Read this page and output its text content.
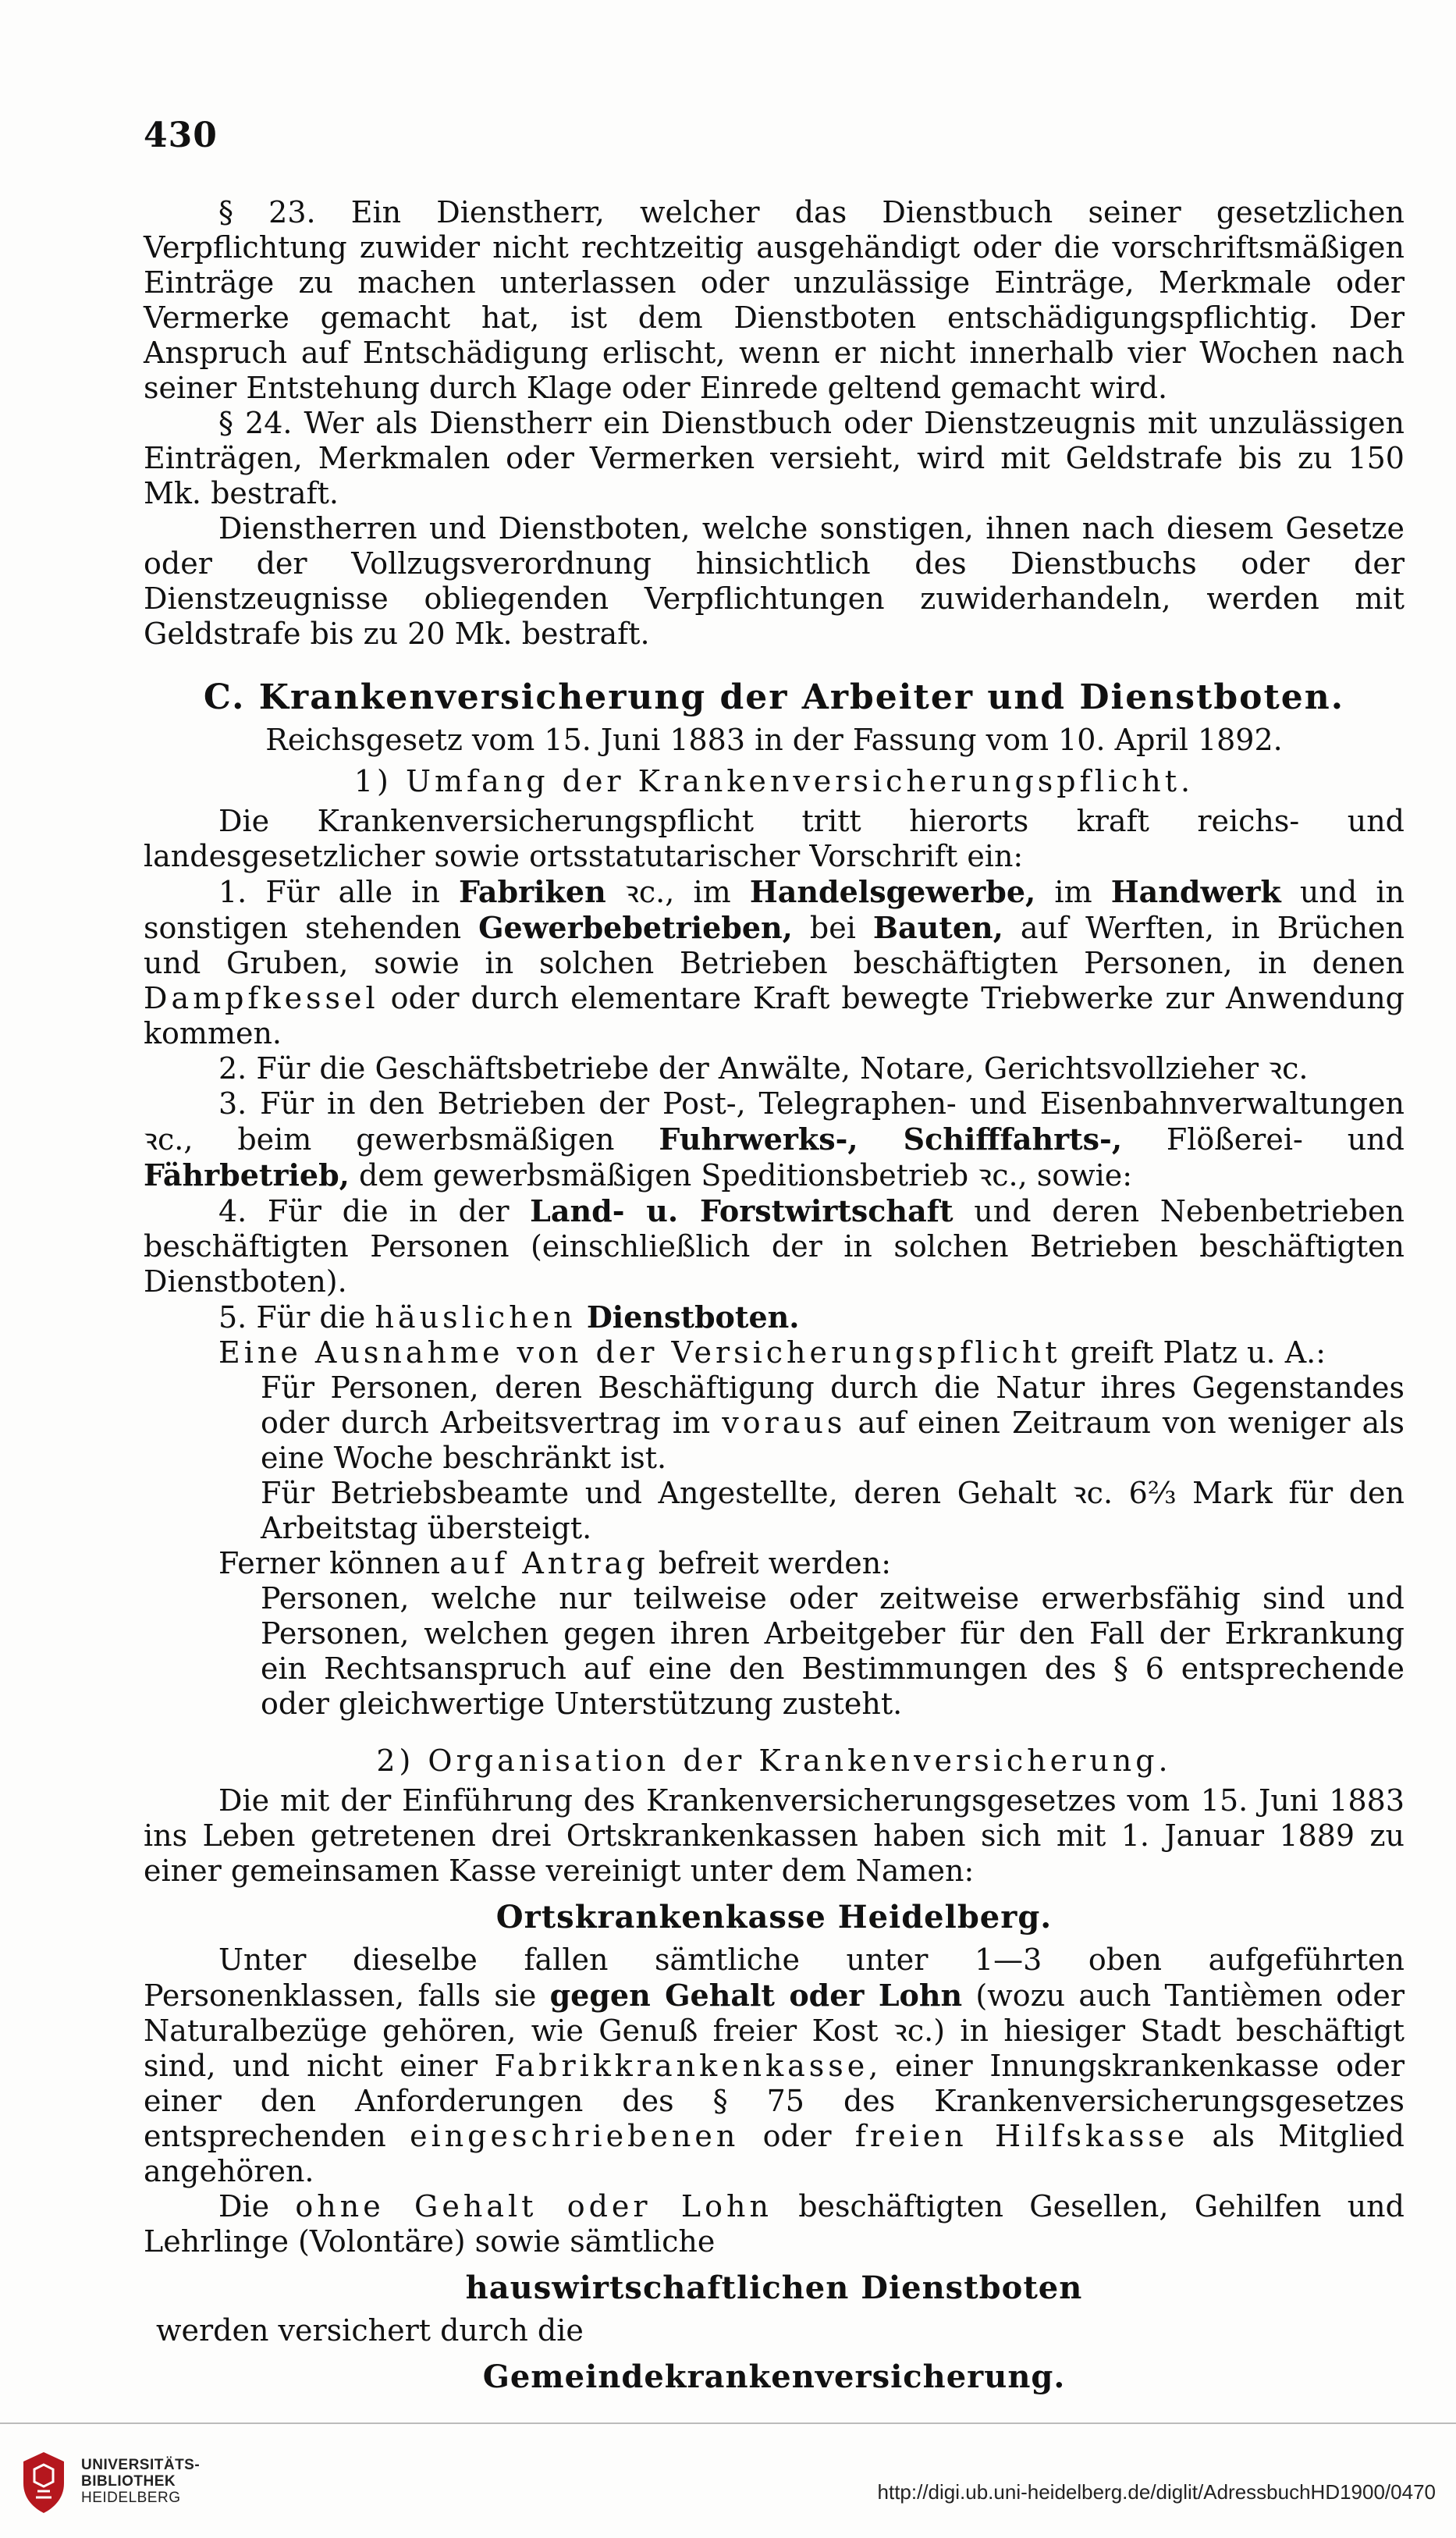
430

§ 23. Ein Dienstherr, welcher das Dienstbuch seiner gesetzlichen Verpflichtung zuwider nicht rechtzeitig ausgehändigt oder die vorschriftsmäßigen Einträge zu machen unterlassen oder unzulässige Einträge, Merkmale oder Vermerke gemacht hat, ist dem Dienstboten entschädigungspflichtig. Der Anspruch auf Entschädigung erlischt, wenn er nicht innerhalb vier Wochen nach seiner Entstehung durch Klage oder Einrede geltend gemacht wird.

§ 24. Wer als Dienstherr ein Dienstbuch oder Dienstzeugnis mit unzulässigen Einträgen, Merkmalen oder Vermerken versieht, wird mit Geldstrafe bis zu 150 Mk. bestraft.

Dienstherren und Dienstboten, welche sonstigen, ihnen nach diesem Gesetze oder der Vollzugsverordnung hinsichtlich des Dienstbuchs oder der Dienstzeugnisse obliegenden Verpflichtungen zuwiderhandeln, werden mit Geldstrafe bis zu 20 Mk. bestraft.

C. Krankenversicherung der Arbeiter und Dienstboten.

Reichsgesetz vom 15. Juni 1883 in der Fassung vom 10. April 1892.

1) Umfang der Krankenversicherungspflicht.

Die Krankenversicherungspflicht tritt hierorts kraft reichs- und landesgesetzlicher sowie ortsstatutarischer Vorschrift ein:

1. Für alle in Fabriken ꝛc., im Handelsgewerbe, im Handwerk und in sonstigen stehenden Gewerbebetrieben, bei Bauten, auf Werften, in Brüchen und Gruben, sowie in solchen Betrieben beschäftigten Personen, in denen Dampfkessel oder durch elementare Kraft bewegte Triebwerke zur Anwendung kommen.

2. Für die Geschäftsbetriebe der Anwälte, Notare, Gerichtsvollzieher ꝛc.

3. Für in den Betrieben der Post-, Telegraphen- und Eisenbahnverwaltungen ꝛc., beim gewerbsmäßigen Fuhrwerks-, Schifffahrts-, Flößerei- und Fährbetrieb, dem gewerbsmäßigen Speditionsbetrieb ꝛc., sowie:

4. Für die in der Land- u. Forstwirtschaft und deren Nebenbetrieben beschäftigten Personen (einschließlich der in solchen Betrieben beschäftigten Dienstboten).

5. Für die häuslichen Dienstboten.

Eine Ausnahme von der Versicherungspflicht greift Platz u. A.:

Für Personen, deren Beschäftigung durch die Natur ihres Gegenstandes oder durch Arbeitsvertrag im voraus auf einen Zeitraum von weniger als eine Woche beschränkt ist.

Für Betriebsbeamte und Angestellte, deren Gehalt ꝛc. 6⅔ Mark für den Arbeitstag übersteigt.

Ferner können auf Antrag befreit werden:

Personen, welche nur teilweise oder zeitweise erwerbsfähig sind und Personen, welchen gegen ihren Arbeitgeber für den Fall der Erkrankung ein Rechtsanspruch auf eine den Bestimmungen des § 6 entsprechende oder gleichwertige Unterstützung zusteht.

2) Organisation der Krankenversicherung.

Die mit der Einführung des Krankenversicherungsgesetzes vom 15. Juni 1883 ins Leben getretenen drei Ortskrankenkassen haben sich mit 1. Januar 1889 zu einer gemeinsamen Kasse vereinigt unter dem Namen:

Ortskrankenkasse Heidelberg.

Unter dieselbe fallen sämtliche unter 1—3 oben aufgeführten Personenklassen, falls sie gegen Gehalt oder Lohn (wozu auch Tantièmen oder Naturalbezüge gehören, wie Genuß freier Kost ꝛc.) in hiesiger Stadt beschäftigt sind, und nicht einer Fabrikkrankenkasse, einer Innungskrankenkasse oder einer den Anforderungen des § 75 des Krankenversicherungsgesetzes entsprechenden eingeschriebenen oder freien Hilfskasse als Mitglied angehören.

Die ohne Gehalt oder Lohn beschäftigten Gesellen, Gehilfen und Lehrlinge (Volontäre) sowie sämtliche

hauswirtschaftlichen Dienstboten

werden versichert durch die

Gemeindekrankenversicherung.

UNIVERSITÄTS-
BIBLIOTHEK
HEIDELBERG	http://digi.ub.uni-heidelberg.de/diglit/AdressbuchHD1900/0470
